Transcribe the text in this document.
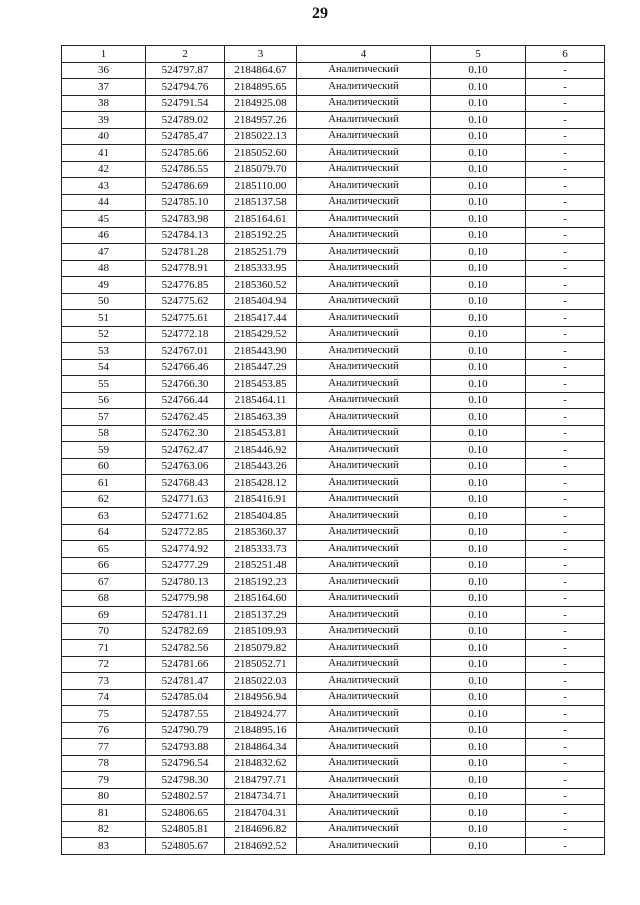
29
1	2	3	4	5	6
36	524797.87	2184864.67	Аналитический	0.10	-
37	524794.76	2184895.65	Аналитический	0.10	-
38	524791.54	2184925.08	Аналитический	0.10	-
39	524789.02	2184957.26	Аналитический	0.10	-
40	524785.47	2185022.13	Аналитический	0.10	-
41	524785.66	2185052.60	Аналитический	0.10	-
42	524786.55	2185079.70	Аналитический	0.10	-
43	524786.69	2185110.00	Аналитический	0.10	-
44	524785.10	2185137.58	Аналитический	0.10	-
45	524783.98	2185164.61	Аналитический	0.10	-
46	524784.13	2185192.25	Аналитический	0.10	-
47	524781.28	2185251.79	Аналитический	0.10	-
48	524778.91	2185333.95	Аналитический	0.10	-
49	524776.85	2185360.52	Аналитический	0.10	-
50	524775.62	2185404.94	Аналитический	0.10	-
51	524775.61	2185417.44	Аналитический	0.10	-
52	524772.18	2185429.52	Аналитический	0.10	-
53	524767.01	2185443.90	Аналитический	0.10	-
54	524766.46	2185447.29	Аналитический	0.10	-
55	524766.30	2185453.85	Аналитический	0.10	-
56	524766.44	2185464.11	Аналитический	0.10	-
57	524762.45	2185463.39	Аналитический	0.10	-
58	524762.30	2185453.81	Аналитический	0.10	-
59	524762.47	2185446.92	Аналитический	0.10	-
60	524763.06	2185443.26	Аналитический	0.10	-
61	524768.43	2185428.12	Аналитический	0.10	-
62	524771.63	2185416.91	Аналитический	0.10	-
63	524771.62	2185404.85	Аналитический	0.10	-
64	524772.85	2185360.37	Аналитический	0.10	-
65	524774.92	2185333.73	Аналитический	0.10	-
66	524777.29	2185251.48	Аналитический	0.10	-
67	524780.13	2185192.23	Аналитический	0.10	-
68	524779.98	2185164.60	Аналитический	0.10	-
69	524781.11	2185137.29	Аналитический	0.10	-
70	524782.69	2185109.93	Аналитический	0.10	-
71	524782.56	2185079.82	Аналитический	0.10	-
72	524781.66	2185052.71	Аналитический	0.10	-
73	524781.47	2185022.03	Аналитический	0.10	-
74	524785.04	2184956.94	Аналитический	0.10	-
75	524787.55	2184924.77	Аналитический	0.10	-
76	524790.79	2184895.16	Аналитический	0.10	-
77	524793.88	2184864.34	Аналитический	0.10	-
78	524796.54	2184832.62	Аналитический	0.10	-
79	524798.30	2184797.71	Аналитический	0.10	-
80	524802.57	2184734.71	Аналитический	0.10	-
81	524806.65	2184704.31	Аналитический	0.10	-
82	524805.81	2184696.82	Аналитический	0.10	-
83	524805.67	2184692.52	Аналитический	0.10	-
